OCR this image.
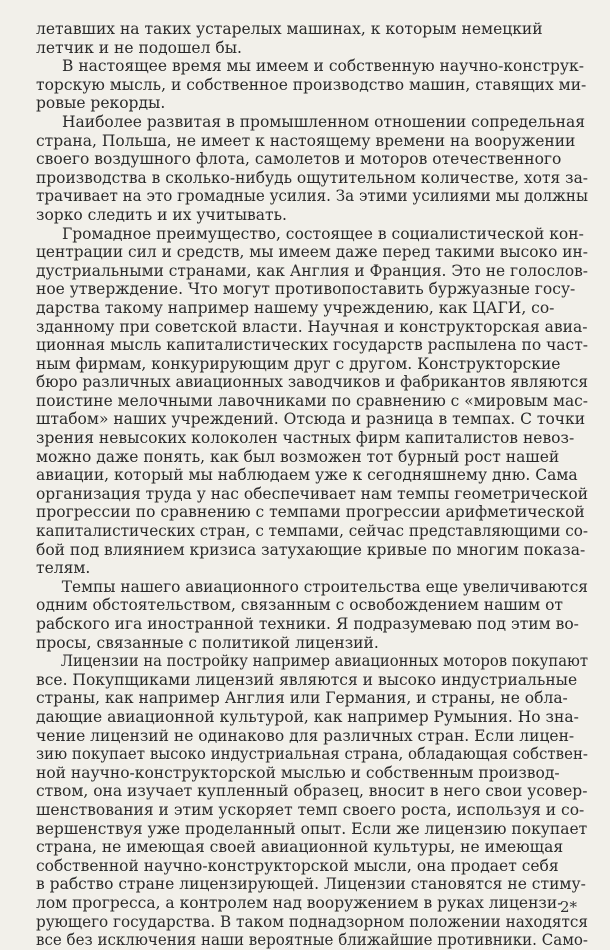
летавших на таких устарелых машинах, к которым немецкий
летчик и не подошел бы.

В настоящее время мы имеем и собственную научно-конструк-
торскую мысль, и собственное производство машин, ставящих ми-
ровые рекорды.

Наиболее развитая в промышленном отношении сопредельная
страна, Польша, не имеет к настоящему времени на вооружении
своего воздушного флота, самолетов и моторов отечественного
производства в сколько-нибудь ощутительном количестве, хотя за-
трачивает на это громадные усилия. За этими усилиями мы должны
зорко следить и их учитывать.

Громадное преимущество, состоящее в социалистической кон-
центрации сил и средств, мы имеем даже перед такими высоко ин-
дустриальными странами, как Англия и Франция. Это не голослов-
ное утверждение. Что могут противопоставить буржуазные госу-
дарства такому например нашему учреждению, как ЦАГИ, со-
зданному при советской власти. Научная и конструкторская авиа-
ционная мысль капиталистических государств распылена по част-
ным фирмам, конкурирующим друг с другом. Конструкторские
бюро различных авиационных заводчиков и фабрикантов являются
поистине мелочными лавочниками по сравнению с «мировым мас-
штабом» наших учреждений. Отсюда и разница в темпах. С точки
зрения невысоких колоколен частных фирм капиталистов невоз-
можно даже понять, как был возможен тот бурный рост нашей
авиации, который мы наблюдаем уже к сегодняшнему дню. Сама
организация труда у нас обеспечивает нам темпы геометрической
прогрессии по сравнению с темпами прогрессии арифметической
капиталистических стран, с темпами, сейчас представляющими со-
бой под влиянием кризиса затухающие кривые по многим показа-
телям.

Темпы нашего авиационного строительства еще увеличиваются
одним обстоятельством, связанным с освобождением нашим от
рабского ига иностранной техники. Я подразумеваю под этим во-
просы, связанные с политикой лицензий.

Лицензии на постройку например авиационных моторов покупают
все. Покупщиками лицензий являются и высоко индустриальные
страны, как например Англия или Германия, и страны, не обла-
дающие авиационной культурой, как например Румыния. Но зна-
чение лицензий не одинаково для различных стран. Если лицен-
зию покупает высоко индустриальная страна, обладающая собствен-
ной научно-конструкторской мыслью и собственным производ-
ством, она изучает купленный образец, вносит в него свои усовер-
шенствования и этим ускоряет темп своего роста, используя и со-
вершенствуя уже проделанный опыт. Если же лицензию покупает
страна, не имеющая своей авиационной культуры, не имеющая
собственной научно-конструкторской мысли, она продает себя
в рабство стране лицензирующей. Лицензии становятся не стиму-
лом прогресса, а контролем над вооружением в руках лицензи-
рующего государства. В таком поднадзорном положении находятся
все без исключения наши вероятные ближайшие противники. Само-

2*
